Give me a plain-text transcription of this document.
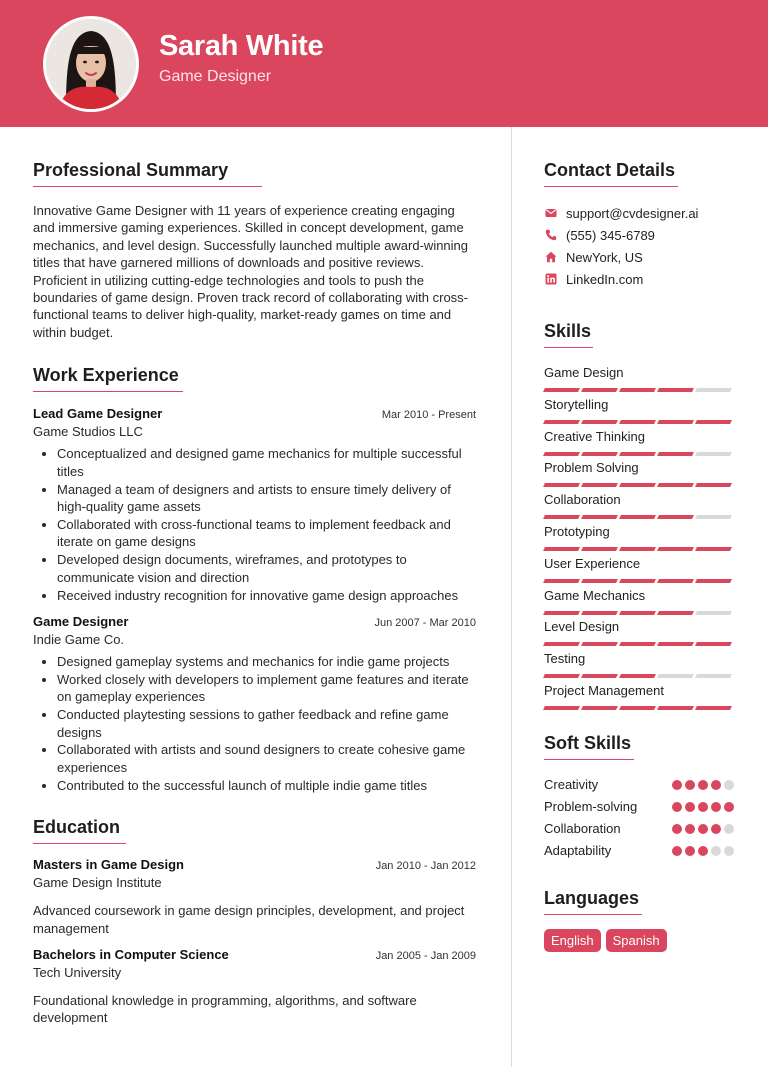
Sarah White
Game Designer
Professional Summary

Innovative Game Designer with 11 years of experience creating engaging and immersive gaming experiences. Skilled in concept development, game mechanics, and level design. Successfully launched multiple award-winning titles that have garnered millions of downloads and positive reviews. Proficient in utilizing cutting-edge technologies and tools to push the boundaries of game design. Proven track record of collaborating with cross-functional teams to deliver high-quality, market-ready games on time and within budget.

Work Experience
Lead Game Designer	Mar 2010 - Present
Game Studios LLC
• Conceptualized and designed game mechanics for multiple successful titles
• Managed a team of designers and artists to ensure timely delivery of high-quality game assets
• Collaborated with cross-functional teams to implement feedback and iterate on game designs
• Developed design documents, wireframes, and prototypes to communicate vision and direction
• Received industry recognition for innovative game design approaches
Game Designer	Jun 2007 - Mar 2010
Indie Game Co.
• Designed gameplay systems and mechanics for indie game projects
• Worked closely with developers to implement game features and iterate on gameplay experiences
• Conducted playtesting sessions to gather feedback and refine game designs
• Collaborated with artists and sound designers to create cohesive game experiences
• Contributed to the successful launch of multiple indie game titles
Education
Masters in Game Design	Jan 2010 - Jan 2012
Game Design Institute
Advanced coursework in game design principles, development, and project management
Bachelors in Computer Science	Jan 2005 - Jan 2009
Tech University
Foundational knowledge in programming, algorithms, and software development
Contact Details
support@cvdesigner.ai
(555) 345-6789
NewYork, US
LinkedIn.com
Skills
Game Design
Storytelling
Creative Thinking
Problem Solving
Collaboration
Prototyping
User Experience
Game Mechanics
Level Design
Testing
Project Management
Soft Skills
Creativity
Problem-solving
Collaboration
Adaptability
Languages
English	Spanish
